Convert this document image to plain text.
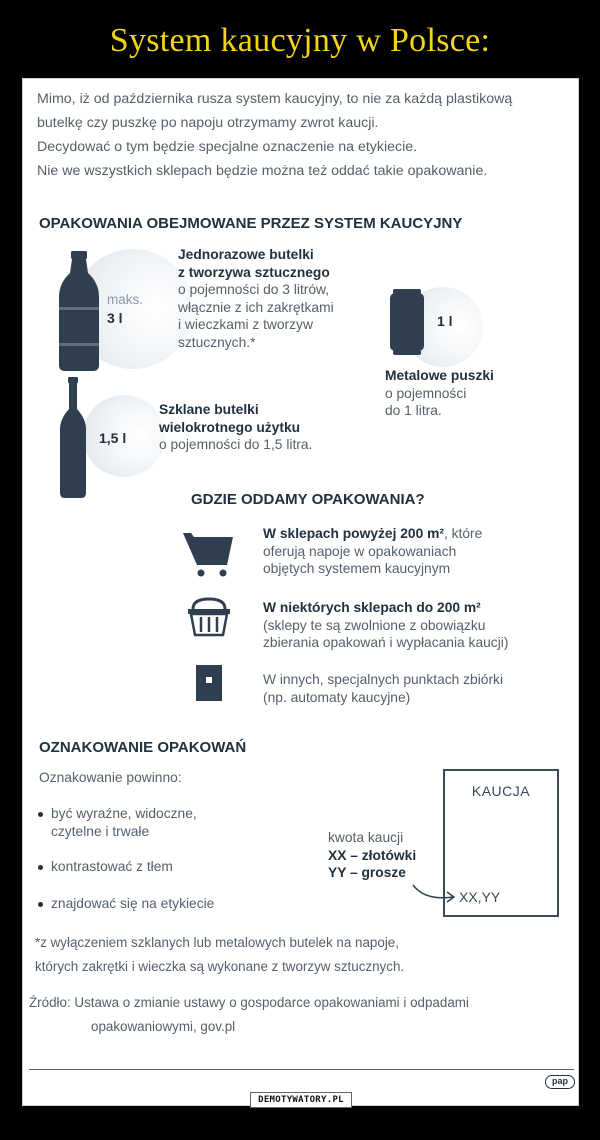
System kaucyjny w Polsce:
Mimo, iż od października rusza system kaucyjny, to nie za każdą plastikową
butelkę czy puszkę po napoju otrzymamy zwrot kaucji.
Decydować o tym będzie specjalne oznaczenie na etykiecie.
Nie we wszystkich sklepach będzie można też oddać takie opakowanie.
OPAKOWANIA OBEJMOWANE PRZEZ SYSTEM KAUCYJNY
maks.
3 l
Jednorazowe butelki
z tworzywa sztucznego
o pojemności do 3 litrów,
włącznie z ich zakrętkami
i wieczkami z tworzyw
sztucznych.*
1 l
Metalowe puszki
o pojemności
do 1 litra.
1,5 l
Szklane butelki
wielokrotnego użytku
o pojemności do 1,5 litra.
GDZIE ODDAMY OPAKOWANIA?
W sklepach powyżej 200 m², które
oferują napoje w opakowaniach
objętych systemem kaucyjnym
W niektórych sklepach do 200 m²
(sklepy te są zwolnione z obowiązku
zbierania opakowań i wypłacania kaucji)
W innych, specjalnych punktach zbiórki
(np. automaty kaucyjne)
OZNAKOWANIE OPAKOWAŃ
Oznakowanie powinno:
być wyraźne, widoczne,
czytelne i trwałe
kontrastować z tłem
znajdować się na etykiecie
kwota kaucji
XX – złotówki
YY – grosze
KAUCJA
XX,YY
*z wyłączeniem szklanych lub metalowych butelek na napoje,
których zakrętki i wieczka są wykonane z tworzyw sztucznych.
Źródło: Ustawa o zmianie ustawy o gospodarce opakowaniami i odpadami
opakowaniowymi, gov.pl
pap
DEMOTYWATORY.PL
